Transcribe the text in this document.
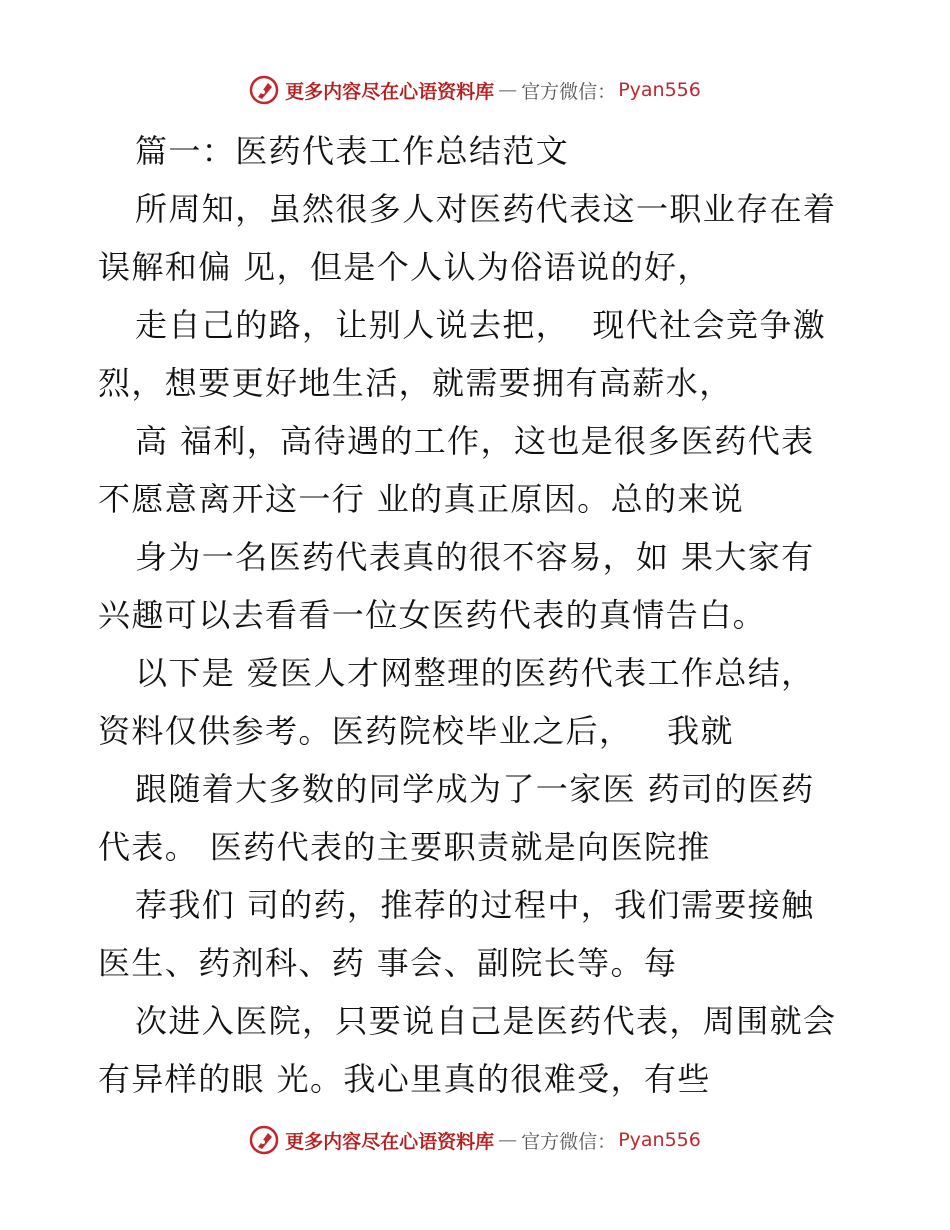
更多内容尽在心语资料库 — 官方微信： Pyan556
篇一：医药代表工作总结范文
所周知，虽然很多人对医药代表这一职业存在着
误解和偏 见，但是个人认为俗语说的好，
走自己的路，让别人说去把，  现代社会竞争激
烈，想要更好地生活，就需要拥有高薪水，
高 福利，高待遇的工作，这也是很多医药代表
不愿意离开这一行 业的真正原因。总的来说
身为一名医药代表真的很不容易，如 果大家有
兴趣可以去看看一位女医药代表的真情告白。
以下是 爱医人才网整理的医药代表工作总结，
资料仅供参考。医药院校毕业之后，   我就
跟随着大多数的同学成为了一家医 药司的医药
代表。 医药代表的主要职责就是向医院推
荐我们 司的药，推荐的过程中，我们需要接触
医生、药剂科、药 事会、副院长等。每
次进入医院，只要说自己是医药代表，周围就会
有异样的眼 光。我心里真的很难受，有些
更多内容尽在心语资料库 — 官方微信： Pyan556
